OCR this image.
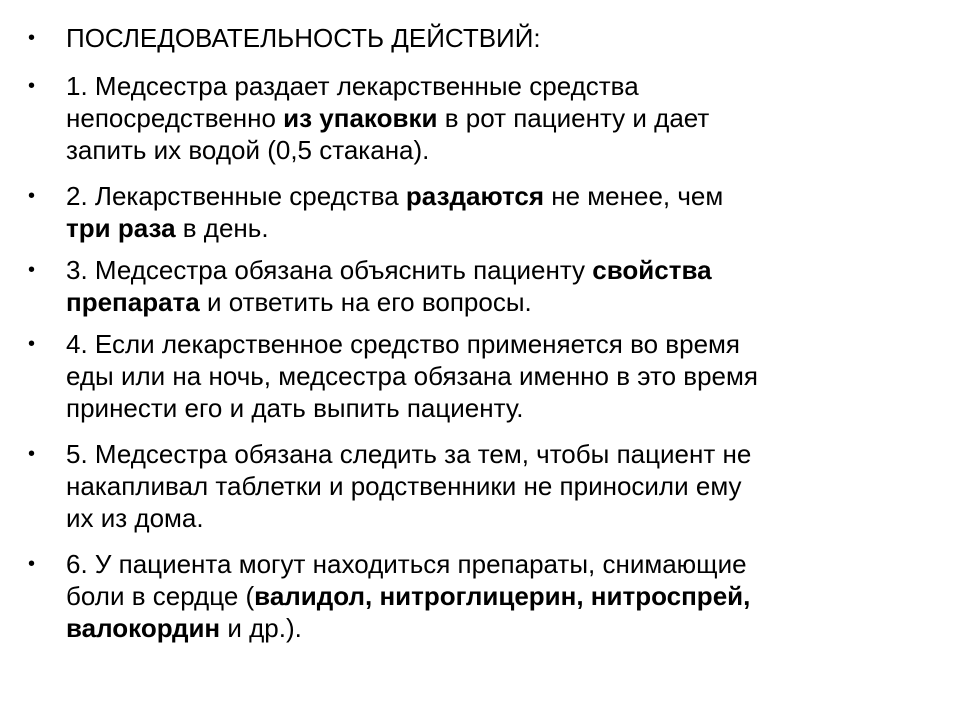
• ПОСЛЕДОВАТЕЛЬНОСТЬ ДЕЙСТВИЙ:
• 1. Медсестра раздает лекарственные средства
непосредственно из упаковки в рот пациенту и дает
запить их водой (0,5 стакана).
• 2. Лекарственные средства раздаются не менее, чем
три раза в день.
• 3. Медсестра обязана объяснить пациенту свойства
препарата и ответить на его вопросы.
• 4. Если лекарственное средство применяется во время
еды или на ночь, медсестра обязана именно в это время
принести его и дать выпить пациенту.
• 5. Медсестра обязана следить за тем, чтобы пациент не
накапливал таблетки и родственники не приносили ему
их из дома.
• 6. У пациента могут находиться препараты, снимающие
боли в сердце (валидол, нитроглицерин, нитроспрей,
валокордин и др.).
